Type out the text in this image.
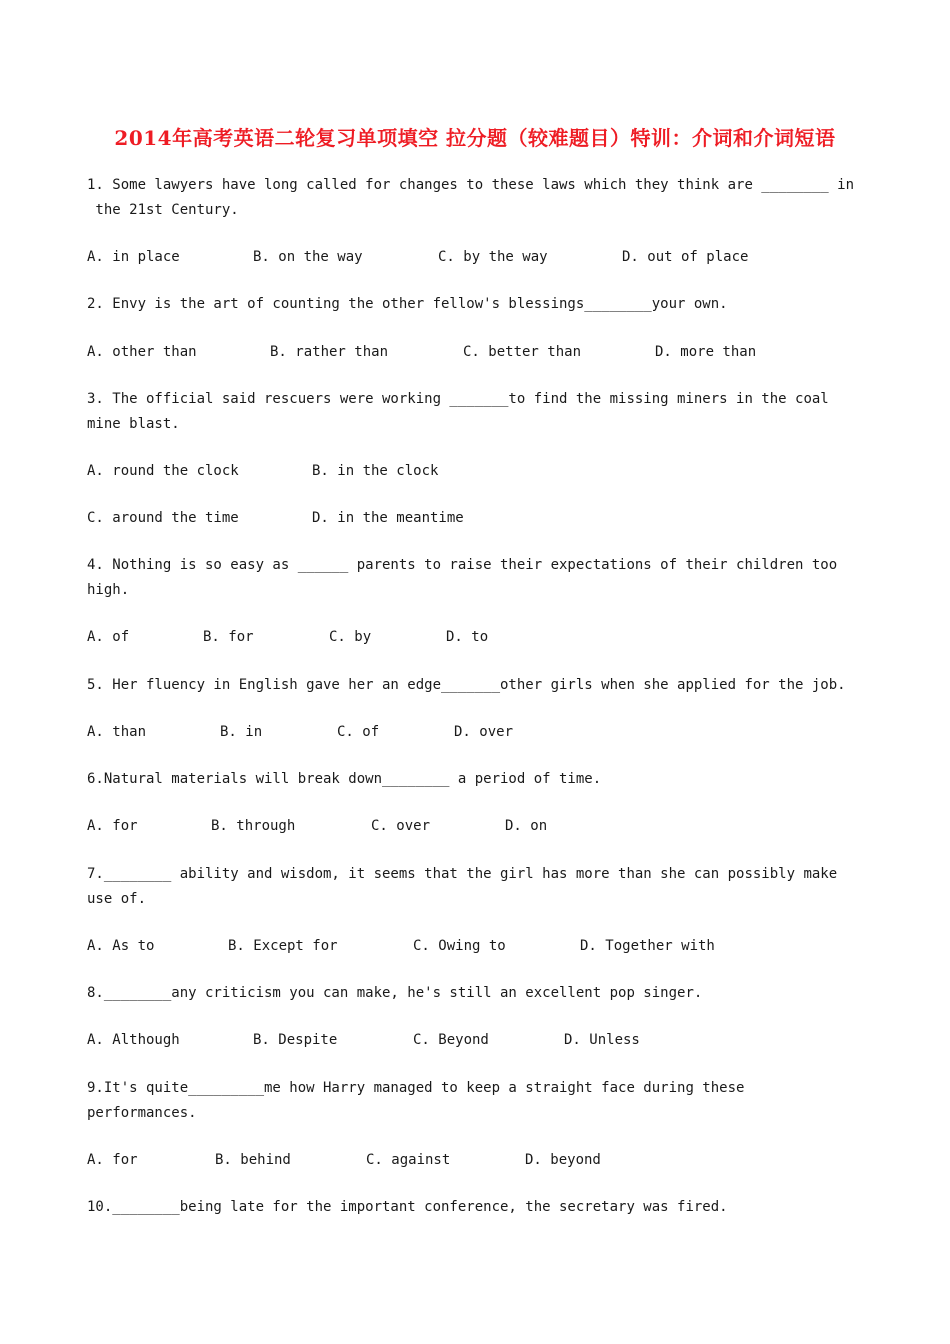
2014年高考英语二轮复习单项填空 拉分题（较难题目）特训：介词和介词短语
1. Some lawyers have long called for changes to these laws which they think are ________ in
the 21st Century.
A. in place	B. on the way	C. by the way	D. out of place
2. Envy is the art of counting the other fellow's blessings________your own.
A. other than	B. rather than	C. better than	D. more than
3. The official said rescuers were working _______to find the missing miners in the coal
mine blast.
A. round the clock	B. in the clock
C. around the time	D. in the meantime
4. Nothing is so easy as ______ parents to raise their expectations of their children too
high.
A. of	B. for	C. by	D. to
5. Her fluency in English gave her an edge_______other girls when she applied for the job.
A. than	B. in	C. of	D. over
6.Natural materials will break down________ a period of time.
A. for	B. through	C. over	D. on
7.________ ability and wisdom, it seems that the girl has more than she can possibly make
use of.
A. As to	B. Except for	C. Owing to	D. Together with
8.________any criticism you can make, he's still an excellent pop singer.
A. Although	B. Despite	C. Beyond	D. Unless
9.It's quite_________me how Harry managed to keep a straight face during these
performances.
A. for	B. behind	C. against	D. beyond
10.________being late for the important conference, the secretary was fired.
